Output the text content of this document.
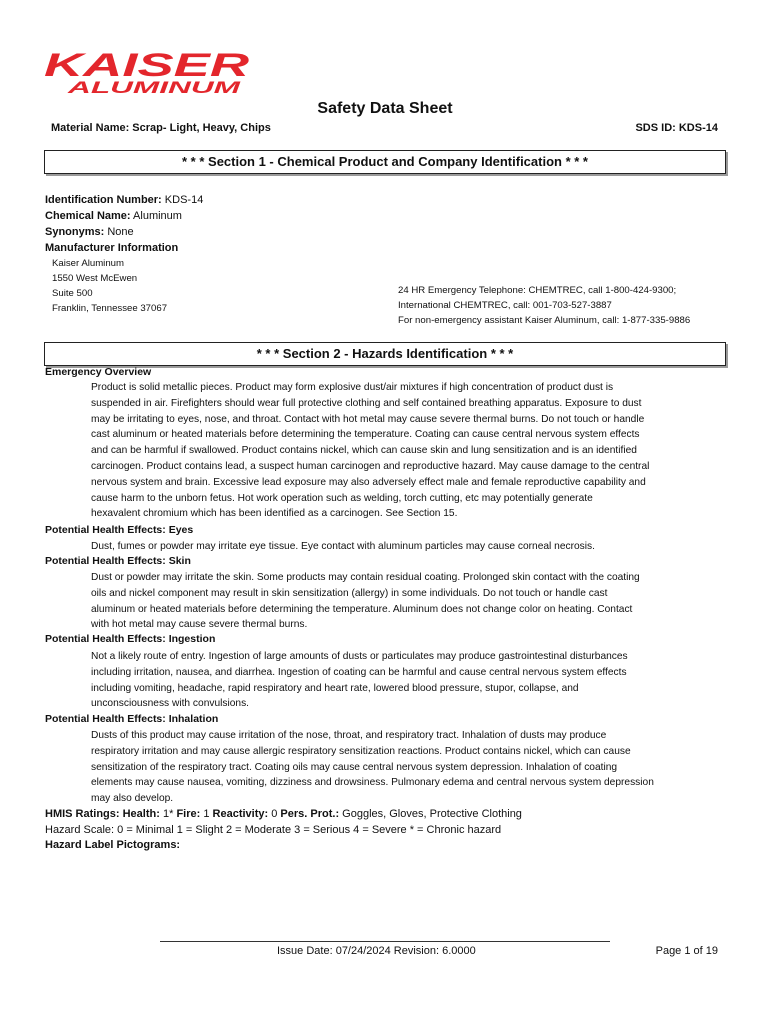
KAISER
ALUMINUM
Safety Data Sheet
Material Name: Scrap- Light, Heavy, Chips	SDS ID: KDS-14
* * * Section 1 - Chemical Product and Company Identification * * *
Identification Number: KDS-14
Chemical Name: Aluminum
Synonyms: None
Manufacturer Information
Kaiser Aluminum
1550 West McEwen
Suite 500
Franklin, Tennessee 37067
24 HR Emergency Telephone: CHEMTREC, call 1-800-424-9300;
International CHEMTREC, call: 001-703-527-3887
For non-emergency assistant Kaiser Aluminum, call: 1-877-335-9886
* * * Section 2 - Hazards Identification * * *
Emergency Overview
Product is solid metallic pieces. Product may form explosive dust/air mixtures if high concentration of product dust is
suspended in air. Firefighters should wear full protective clothing and self contained breathing apparatus. Exposure to dust
may be irritating to eyes, nose, and throat. Contact with hot metal may cause severe thermal burns. Do not touch or handle
cast aluminum or heated materials before determining the temperature. Coating can cause central nervous system effects
and can be harmful if swallowed. Product contains nickel, which can cause skin and lung sensitization and is an identified
carcinogen. Product contains lead, a suspect human carcinogen and reproductive hazard. May cause damage to the central
nervous system and brain. Excessive lead exposure may also adversely effect male and female reproductive capability and
cause harm to the unborn fetus. Hot work operation such as welding, torch cutting, etc may potentially generate
hexavalent chromium which has been identified as a carcinogen. See Section 15.
Potential Health Effects: Eyes
Dust, fumes or powder may irritate eye tissue. Eye contact with aluminum particles may cause corneal necrosis.
Potential Health Effects: Skin
Dust or powder may irritate the skin. Some products may contain residual coating. Prolonged skin contact with the coating
oils and nickel component may result in skin sensitization (allergy) in some individuals. Do not touch or handle cast
aluminum or heated materials before determining the temperature. Aluminum does not change color on heating. Contact
with hot metal may cause severe thermal burns.
Potential Health Effects: Ingestion
Not a likely route of entry. Ingestion of large amounts of dusts or particulates may produce gastrointestinal disturbances
including irritation, nausea, and diarrhea. Ingestion of coating can be harmful and cause central nervous system effects
including vomiting, headache, rapid respiratory and heart rate, lowered blood pressure, stupor, collapse, and
unconsciousness with convulsions.
Potential Health Effects: Inhalation
Dusts of this product may cause irritation of the nose, throat, and respiratory tract. Inhalation of dusts may produce
respiratory irritation and may cause allergic respiratory sensitization reactions. Product contains nickel, which can cause
sensitization of the respiratory tract. Coating oils may cause central nervous system depression. Inhalation of coating
elements may cause nausea, vomiting, dizziness and drowsiness. Pulmonary edema and central nervous system depression
may also develop.
HMIS Ratings: Health: 1* Fire: 1 Reactivity: 0 Pers. Prot.: Goggles, Gloves, Protective Clothing
Hazard Scale: 0 = Minimal 1 = Slight 2 = Moderate 3 = Serious 4 = Severe * = Chronic hazard
Hazard Label Pictograms:
Issue Date: 07/24/2024 Revision: 6.0000	Page 1 of 19
